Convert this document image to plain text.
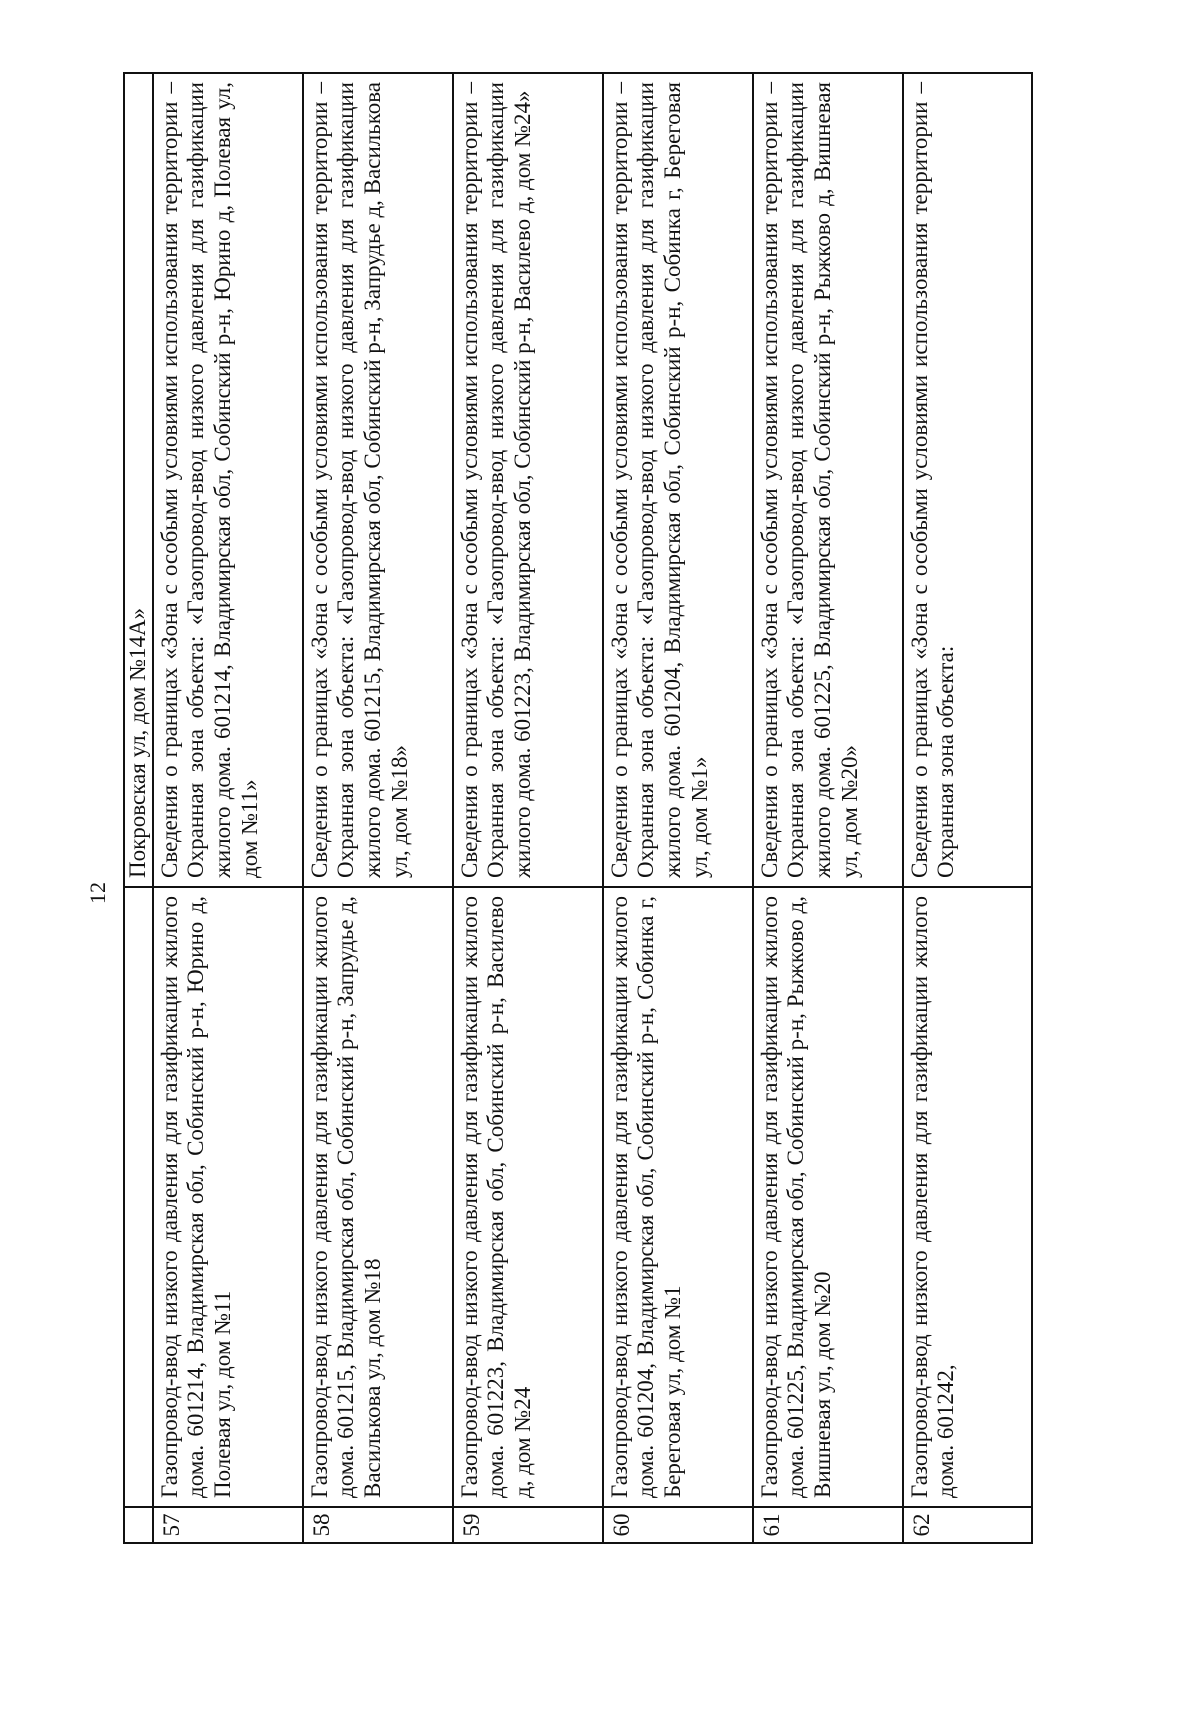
12
		Покровская ул, дом №14А»
57	Газопровод-ввод низкого давления для газификации жилого дома. 601214, Владимирская обл, Собинский р-н, Юрино д, Полевая ул, дом №11	Сведения о границах «Зона с особыми условиями использования территории – Охранная зона объекта: «Газопровод-ввод низкого давления для газификации жилого дома. 601214, Владимирская обл, Собинский р-н, Юрино д, Полевая ул, дом №11»
58	Газопровод-ввод низкого давления для газификации жилого дома. 601215, Владимирская обл, Собинский р-н, Запрудье д, Василькова ул, дом №18	Сведения о границах «Зона с особыми условиями использования территории – Охранная зона объекта: «Газопровод-ввод низкого давления для газификации жилого дома. 601215, Владимирская обл, Собинский р-н, Запрудье д, Василькова ул, дом №18»
59	Газопровод-ввод низкого давления для газификации жилого дома. 601223, Владимирская обл, Собинский р-н, Василево д, дом №24	Сведения о границах «Зона с особыми условиями использования территории – Охранная зона объекта: «Газопровод-ввод низкого давления для газификации жилого дома. 601223, Владимирская обл, Собинский р-н, Василево д, дом №24»
60	Газопровод-ввод низкого давления для газификации жилого дома. 601204, Владимирская обл, Собинский р-н, Собинка г, Береговая ул, дом №1	Сведения о границах «Зона с особыми условиями использования территории – Охранная зона объекта: «Газопровод-ввод низкого давления для газификации жилого дома. 601204, Владимирская обл, Собинский р-н, Собинка г, Береговая ул, дом №1»
61	Газопровод-ввод низкого давления для газификации жилого дома. 601225, Владимирская обл, Собинский р-н, Рыжково д, Вишневая ул, дом №20	Сведения о границах «Зона с особыми условиями использования территории – Охранная зона объекта: «Газопровод-ввод низкого давления для газификации жилого дома. 601225, Владимирская обл, Собинский р-н, Рыжково д, Вишневая ул, дом №20»
62	Газопровод-ввод низкого давления для газификации жилого дома. 601242,	Сведения о границах «Зона с особыми условиями использования территории – Охранная зона объекта:
